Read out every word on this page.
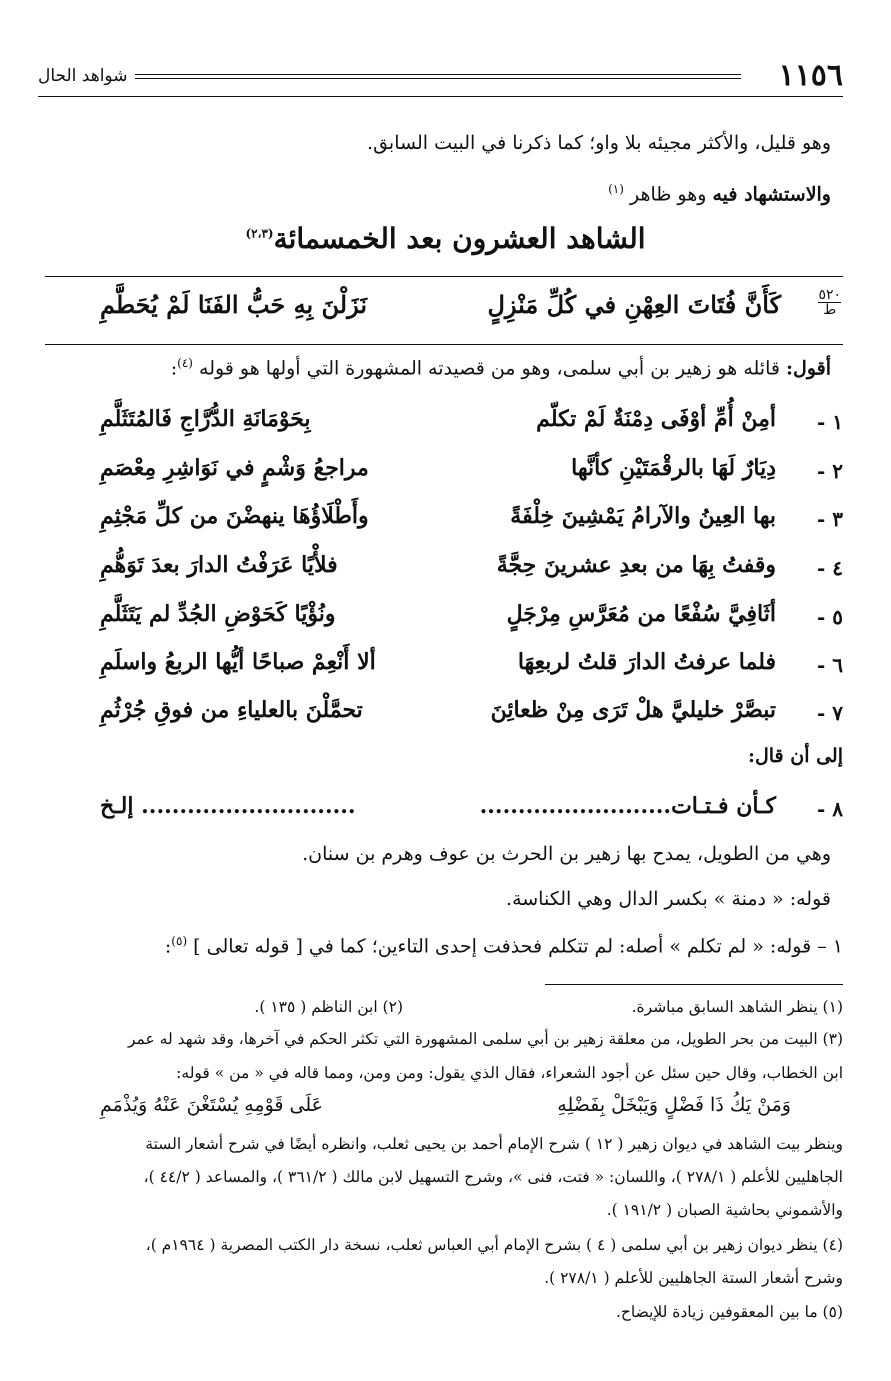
١١٥٦
شواهد الحال
وهو قليل، والأكثر مجيئه بلا واو؛ كما ذكرنا في البيت السابق.
والاستشهاد فيه وهو ظاهر $^{(١)}$
الشاهد العشرون بعد الخمسمائة$^{(٢،٣)}$
٥٢٠
ط
كَأَنَّ فُتَاتَ العِهْنِ في كُلِّ مَنْزِلٍ
نَزَلْنَ بِهِ حَبُّ الفَنَا لَمْ يُحَطَّمِ
أقول: قائله هو زهير بن أبي سلمى، وهو من قصيدته المشهورة التي أولها هو قوله $^{(٤)}$:
١ -
أمِنْ أُمِّ أوْفَى دِمْنَةٌ لَمْ تكلّم
بِحَوْمَانَةِ الدُّرَّاجِ فَالمُتَثَلَّمِ
٢ -
دِيَارٌ لَهَا بالرقْمَتَيْنِ كأنَّها
مراجعُ وَشْمٍ في نَوَاشِرِ مِعْصَمِ
٣ -
بها العِينُ والآرامُ يَمْشِينَ خِلْفَةً
وأَطْلَاؤُهَا ينهضْنَ من كلِّ مَجْثِمِ
٤ -
وقفتُ بِهَا من بعدِ عشرينَ حِجَّةً
فلأْيًا عَرَفْتُ الدارَ بعدَ تَوَهُّمِ
٥ -
أثَافِيَّ سُفْعًا من مُعَرَّسِ مِرْجَلٍ
ونُؤْيًا كَحَوْضِ الجُدِّ لم يَتَثَلَّمِ
٦ -
فلما عرفتُ الدارَ قلتُ لربعِهَا
ألا أَنْعِمْ صباحًا أيُّها الربعُ واسلَمِ
٧ -
تبصَّرْ خليليَّ هلْ تَرَى مِنْ ظعائِنَ
تحمَّلْنَ بالعلياءِ من فوقِ جُرْثُمِ
إلى أن قال:
٨ -
كـأن فـتـات.........................
............................ إلـخ
وهي من الطويل، يمدح بها زهير بن الحرث بن عوف وهرم بن سنان.
قوله: « دمنة » بكسر الدال وهي الكناسة.
١ – قوله: « لم تكلم » أصله: لم تتكلم فحذفت إحدى التاءين؛ كما في [ قوله تعالى ] $^{(٥)}$:
(١) ينظر الشاهد السابق مباشرة.
(٢) ابن الناظم ( ١٣٥ ).
(٣) البيت من بحر الطويل، من معلقة زهير بن أبي سلمى المشهورة التي تكثر الحكم في آخرها، وقد شهد له عمر
ابن الخطاب، وقال حين سئل عن أجود الشعراء، فقال الذي يقول: ومن ومن، ومما قاله في « من » قوله:
وَمَنْ يَكُ ذَا فَضْلٍ وَيَبْخَلْ بِفَضْلِهِ
عَلَى قَوْمِهِ يُسْتَغْنَ عَنْهُ وَيُذْمَمِ
وينظر بيت الشاهد في ديوان زهير ( ١٢ ) شرح الإمام أحمد بن يحيى ثعلب، وانظره أيضًا في شرح أشعار الستة
الجاهليين للأعلم ( ٢٧٨/١ )، واللسان: « فتت، فنى »، وشرح التسهيل لابن مالك ( ٣٦١/٢ )، والمساعد ( ٤٤/٢ )،
والأشموني بحاشية الصبان ( ١٩١/٢ ).
(٤) ينظر ديوان زهير بن أبي سلمى ( ٤ ) بشرح الإمام أبي العباس ثعلب، نسخة دار الكتب المصرية ( ١٩٦٤م )،
وشرح أشعار الستة الجاهليين للأعلم ( ٢٧٨/١ ).
(٥) ما بين المعقوفين زيادة للإيضاح.
